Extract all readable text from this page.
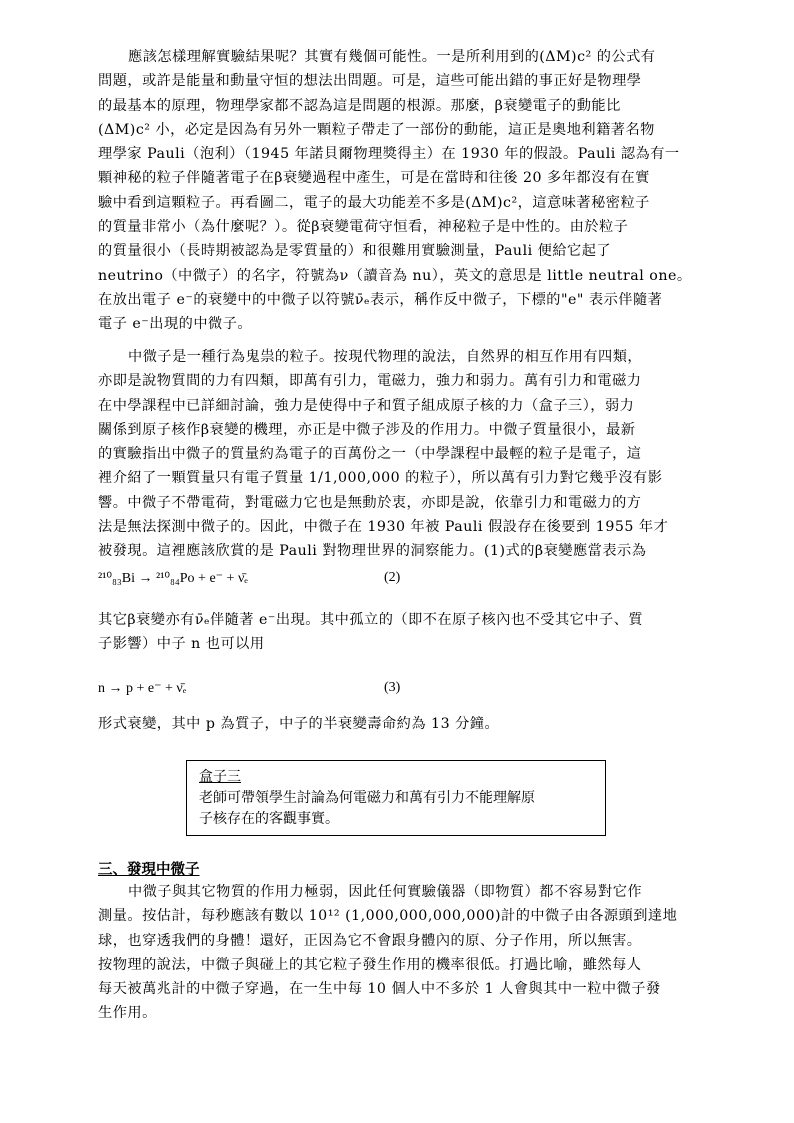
應該怎樣理解實驗結果呢？其實有幾個可能性。一是所利用到的(ΔM)c² 的公式有
問題，或許是能量和動量守恒的想法出問題。可是，這些可能出錯的事正好是物理學
的最基本的原理，物理學家都不認為這是問題的根源。那麼，β衰變電子的動能比
(ΔM)c² 小，必定是因為有另外一顆粒子帶走了一部份的動能，這正是奧地利籍著名物
理學家 Pauli（泡利）（1945 年諾貝爾物理獎得主）在 1930 年的假設。Pauli 認為有一
顆神秘的粒子伴隨著電子在β衰變過程中產生，可是在當時和往後 20 多年都沒有在實
驗中看到這顆粒子。再看圖二，電子的最大功能差不多是(ΔM)c²，這意味著秘密粒子
的質量非常小（為什麼呢？）。從β衰變電荷守恒看，神秘粒子是中性的。由於粒子
的質量很小（長時期被認為是零質量的）和很難用實驗測量，Pauli 便給它起了
neutrino（中微子）的名字，符號為ν（讀音為 nu），英文的意思是 little neutral one。
在放出電子 e⁻的衰變中的中微子以符號ν̄ₑ表示，稱作反中微子，下標的"e" 表示伴隨著
電子 e⁻出現的中微子。
中微子是一種行為鬼祟的粒子。按現代物理的說法，自然界的相互作用有四類，
亦即是說物質間的力有四類，即萬有引力，電磁力，強力和弱力。萬有引力和電磁力
在中學課程中已詳細討論，強力是使得中子和質子組成原子核的力（盒子三），弱力
關係到原子核作β衰變的機理，亦正是中微子涉及的作用力。中微子質量很小，最新
的實驗指出中微子的質量約為電子的百萬份之一（中學課程中最輕的粒子是電子，這
裡介紹了一顆質量只有電子質量 1/1,000,000 的粒子），所以萬有引力對它幾乎沒有影
響。中微子不帶電荷，對電磁力它也是無動於衷，亦即是說，依靠引力和電磁力的方
法是無法探測中微子的。因此，中微子在 1930 年被 Pauli 假設存在後要到 1955 年才
被發現。這裡應該欣賞的是 Pauli 對物理世界的洞察能力。(1)式的β衰變應當表示為
²¹⁰₈₃Bi → ²¹⁰₈₄Po + e⁻ + ν̄ₑ	(2)
其它β衰變亦有ν̄ₑ伴隨著 e⁻出現。其中孤立的（即不在原子核內也不受其它中子、質
子影響）中子 n 也可以用
n → p + e⁻ + ν̄ₑ	(3)
形式衰變，其中 p 為質子，中子的半衰變壽命約為 13 分鐘。
盒子三
老師可帶領學生討論為何電磁力和萬有引力不能理解原
子核存在的客觀事實。
三、發現中微子
中微子與其它物質的作用力極弱，因此任何實驗儀器（即物質）都不容易對它作
測量。按估計，每秒應該有數以 10¹² (1,000,000,000,000)計的中微子由各源頭到達地
球，也穿透我們的身體！還好，正因為它不會跟身體內的原、分子作用，所以無害。
按物理的說法，中微子與碰上的其它粒子發生作用的機率很低。打過比喻，雖然每人
每天被萬兆計的中微子穿過，在一生中每 10 個人中不多於 1 人會與其中一粒中微子發
生作用。
